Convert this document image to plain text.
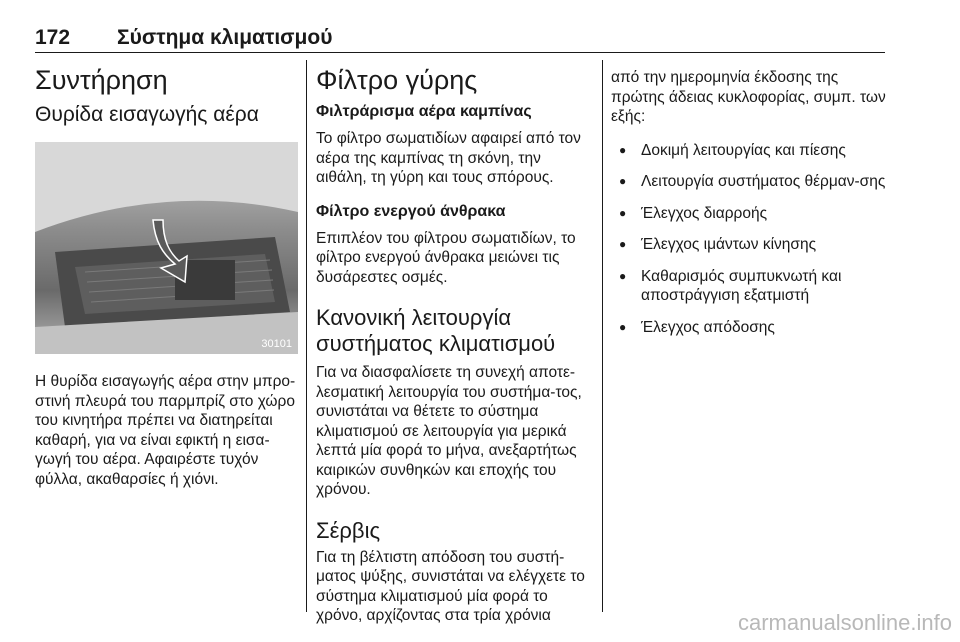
172 Σύστημα κλιματισμού
Συντήρηση
Θυρίδα εισαγωγής αέρα
30101

Η θυρίδα εισαγωγής αέρα στην μπρο-στινή πλευρά του παρμπρίζ στο χώρο του κινητήρα πρέπει να διατηρείται καθαρή, για να είναι εφικτή η εισα-γωγή του αέρα. Αφαιρέστε τυχόν φύλλα, ακαθαρσίες ή χιόνι.

Φίλτρο γύρης
Φιλτράρισμα αέρα καμπίνας

Το φίλτρο σωματιδίων αφαιρεί από τον αέρα της καμπίνας τη σκόνη, την αιθάλη, τη γύρη και τους σπόρους.

Φίλτρο ενεργού άνθρακα

Επιπλέον του φίλτρου σωματιδίων, το φίλτρο ενεργού άνθρακα μειώνει τις δυσάρεστες οσμές.

Κανονική λειτουργία συστήματος κλιματισμού

Για να διασφαλίσετε τη συνεχή αποτε-λεσματική λειτουργία του συστήμα-τος, συνιστάται να θέτετε το σύστημα κλιματισμού σε λειτουργία για μερικά λεπτά μία φορά το μήνα, ανεξαρτήτως καιρικών συνθηκών και εποχής του χρόνου.

Σέρβις

Για τη βέλτιστη απόδοση του συστή-ματος ψύξης, συνιστάται να ελέγχετε το σύστημα κλιματισμού μία φορά το χρόνο, αρχίζοντας στα τρία χρόνια

από την ημερομηνία έκδοσης της πρώτης άδειας κυκλοφορίας, συμπ. των εξής:

● Δοκιμή λειτουργίας και πίεσης
● Λειτουργία συστήματος θέρμαν-σης
● Έλεγχος διαρροής
● Έλεγχος ιμάντων κίνησης
● Καθαρισμός συμπυκνωτή και αποστράγγιση εξατμιστή
● Έλεγχος απόδοσης
carmanualsonline.info
